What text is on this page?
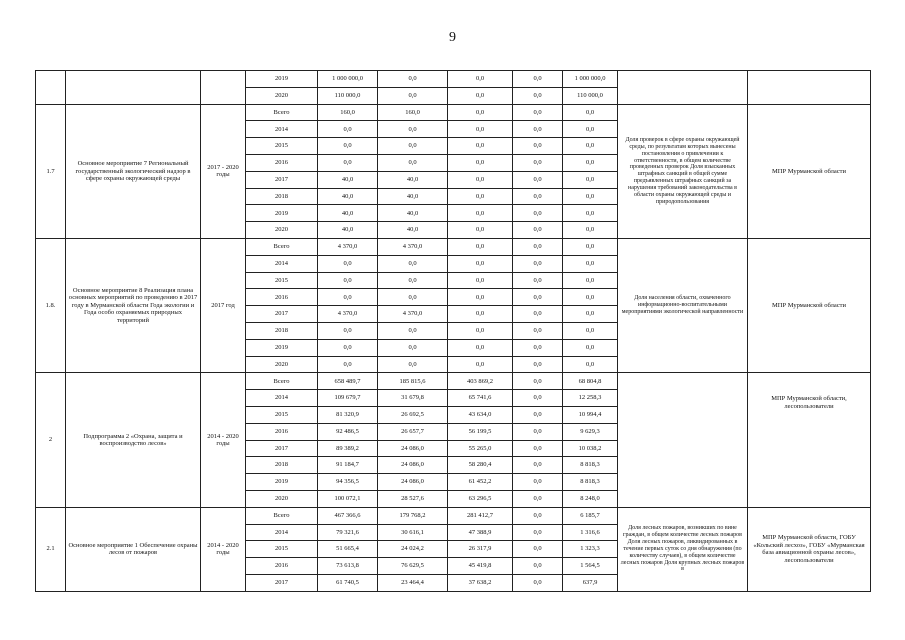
9
			2019	1 000 000,0	0,0	0,0	0,0	1 000 000,0		
			2020	110 000,0	0,0	0,0	0,0	110 000,0		
1.7	Основное мероприятие 7 Региональный государственный экологический надзор в сфере охраны окружающей среды	2017 - 2020 годы	Всего	160,0	160,0	0,0	0,0	0,0	Доля проверок в сфере охраны окружающей среды, по результатам которых вынесены постановления о привлечении к ответственности, в общем количестве проведенных проверок Доля взысканных штрафных санкций в общей сумме предъявленных штрафных санкций за нарушения требований законодательства в области охраны окружающей среды и природопользования	МПР Мурманской области
			2014	0,0	0,0	0,0	0,0	0,0		
			2015	0,0	0,0	0,0	0,0	0,0		
			2016	0,0	0,0	0,0	0,0	0,0		
			2017	40,0	40,0	0,0	0,0	0,0		
			2018	40,0	40,0	0,0	0,0	0,0		
			2019	40,0	40,0	0,0	0,0	0,0		
			2020	40,0	40,0	0,0	0,0	0,0		
1.8.	Основное мероприятие 8 Реализация плана основных мероприятий по проведению в 2017 году в Мурманской области Года экологии и Года особо охраняемых природных территорий	2017 год	Всего	4 370,0	4 370,0	0,0	0,0	0,0	Доля населения области, охваченного информационно-воспитательными мероприятиями экологической направленности	МПР Мурманской области
			2014	0,0	0,0	0,0	0,0	0,0		
			2015	0,0	0,0	0,0	0,0	0,0		
			2016	0,0	0,0	0,0	0,0	0,0		
			2017	4 370,0	4 370,0	0,0	0,0	0,0		
			2018	0,0	0,0	0,0	0,0	0,0		
			2019	0,0	0,0	0,0	0,0	0,0		
			2020	0,0	0,0	0,0	0,0	0,0		
2	Подпрограмма 2 «Охрана, защита и воспроизводство лесов»	2014 - 2020 годы	Всего	658 489,7	185 815,6	403 869,2	0,0	68 804,8		МПР Мурманской области, лесопользователи
			2014	109 679,7	31 679,8	65 741,6	0,0	12 258,3		
			2015	81 320,9	26 692,5	43 634,0	0,0	10 994,4		
			2016	92 486,5	26 657,7	56 199,5	0,0	9 629,3		
			2017	89 389,2	24 086,0	55 265,0	0,0	10 038,2		
			2018	91 184,7	24 086,0	58 280,4	0,0	8 818,3		
			2019	94 356,5	24 086,0	61 452,2	0,0	8 818,3		
			2020	100 072,1	28 527,6	63 296,5	0,0	8 248,0		
2.1	Основное мероприятие 1 Обеспечение охраны лесов от пожаров	2014 - 2020 годы	Всего	467 366,6	179 768,2	281 412,7	0,0	6 185,7	Доля лесных пожаров, возникших по вине граждан, в общем количестве лесных пожаров Доля лесных пожаров, ликвидированных в течение первых суток со дня обнаружения (по количеству случаев), в общем количестве лесных пожаров Доля крупных лесных пожаров в	МПР Мурманской области, ГОБУ «Кольский лесхоз», ГОБУ «Мурманская база авиационной охраны лесов», лесопользователи
			2014	79 321,6	30 616,1	47 388,9	0,0	1 316,6		
			2015	51 665,4	24 024,2	26 317,9	0,0	1 323,3		
			2016	73 613,8	76 629,5	45 419,8	0,0	1 564,5		
			2017	61 740,5	23 464,4	37 638,2	0,0	637,9		
